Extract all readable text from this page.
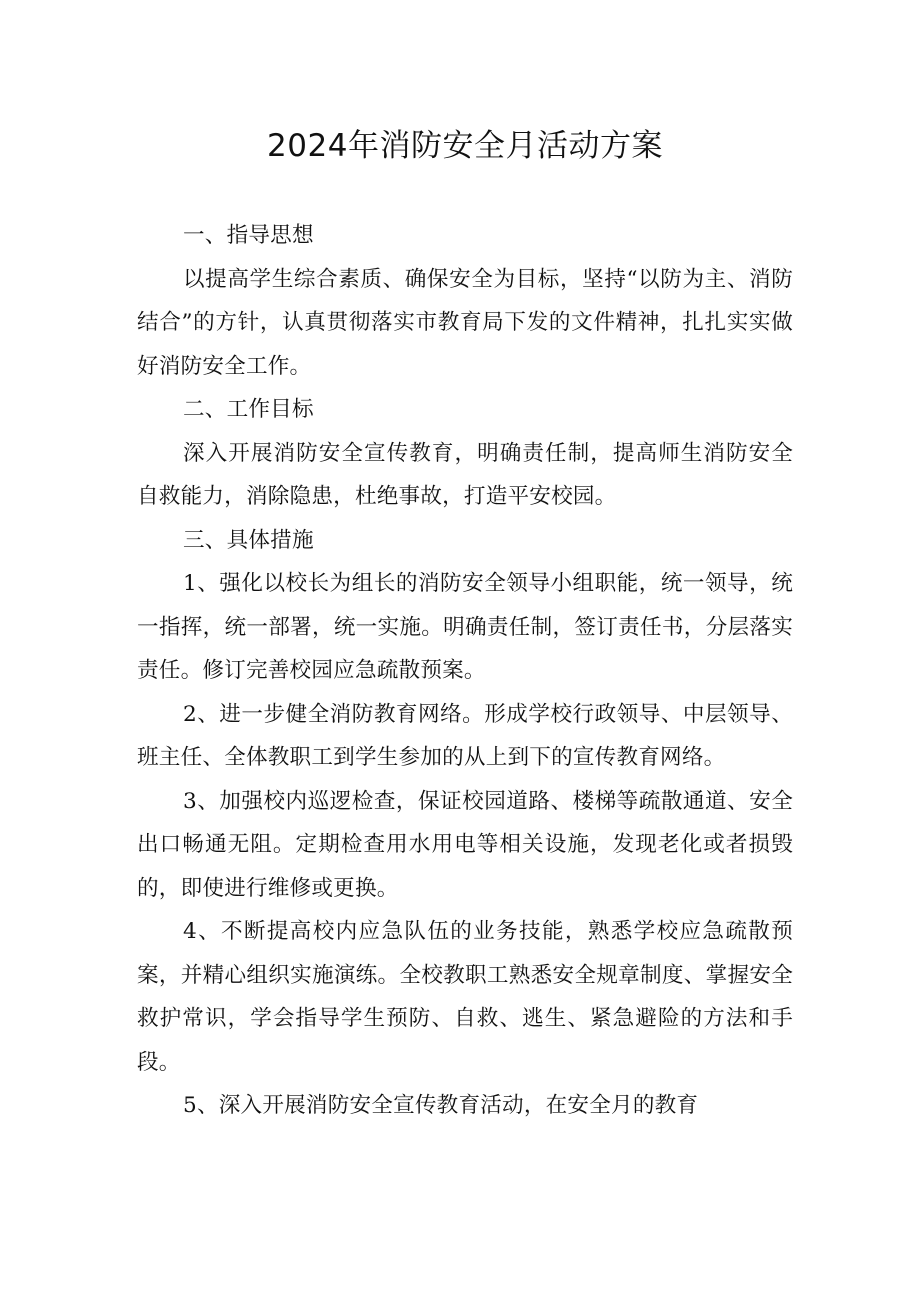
2024年消防安全月活动方案

一、指导思想

以提高学生综合素质、确保安全为目标，坚持“以防为主、消防结合”的方针，认真贯彻落实市教育局下发的文件精神，扎扎实实做好消防安全工作。

二、工作目标

深入开展消防安全宣传教育，明确责任制，提高师生消防安全自救能力，消除隐患，杜绝事故，打造平安校园。

三、具体措施

1、强化以校长为组长的消防安全领导小组职能，统一领导，统一指挥，统一部署，统一实施。明确责任制，签订责任书，分层落实责任。修订完善校园应急疏散预案。

2、进一步健全消防教育网络。形成学校行政领导、中层领导、班主任、全体教职工到学生参加的从上到下的宣传教育网络。

3、加强校内巡逻检查，保证校园道路、楼梯等疏散通道、安全出口畅通无阻。定期检查用水用电等相关设施，发现老化或者损毁的，即使进行维修或更换。

4、不断提高校内应急队伍的业务技能，熟悉学校应急疏散预案，并精心组织实施演练。全校教职工熟悉安全规章制度、掌握安全救护常识，学会指导学生预防、自救、逃生、紧急避险的方法和手段。

5、深入开展消防安全宣传教育活动，在安全月的教育
